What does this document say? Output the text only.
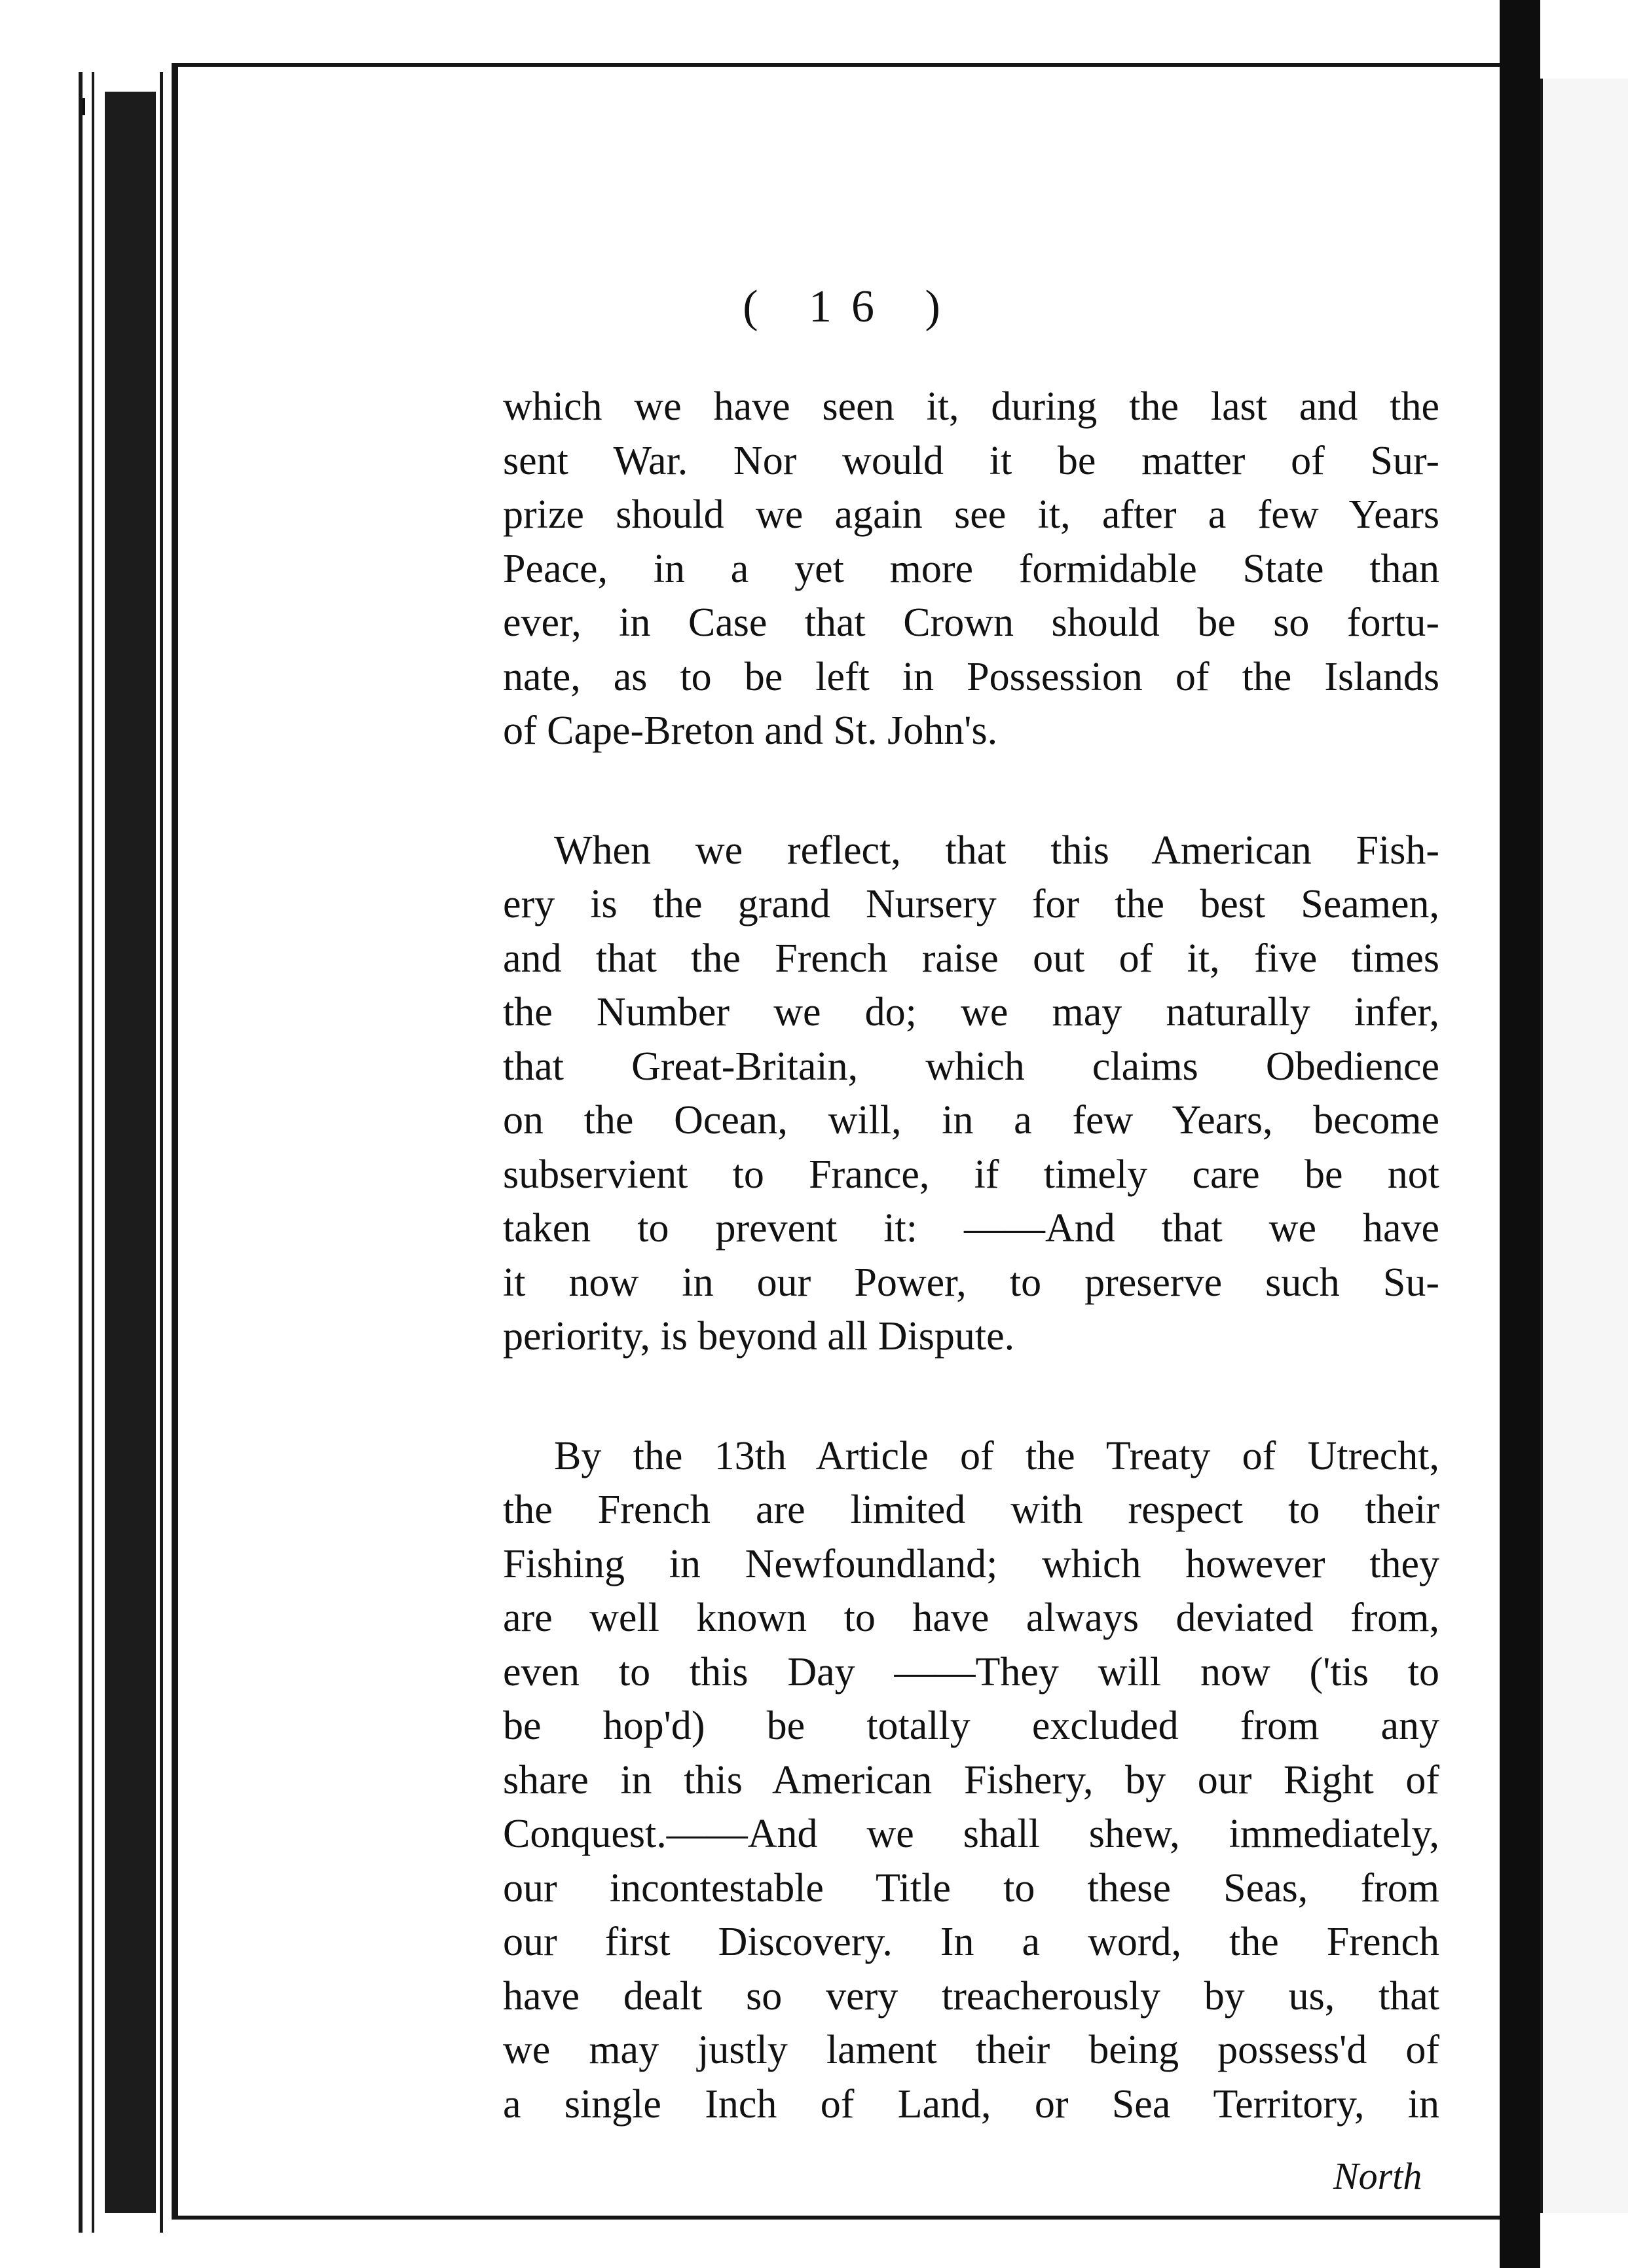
( 16 )
which we have seen it, during the last and the
sent War. Nor would it be matter of Sur-
prize should we again see it, after a few Years
Peace, in a yet more formidable State than
ever, in Case that Crown should be so fortu-
nate, as to be left in Possession of the Islands
of Cape-Breton and St. John's.
When we reflect, that this American Fish-
ery is the grand Nursery for the best Seamen,
and that the French raise out of it, five times
the Number we do; we may naturally infer,
that Great-Britain, which claims Obedience
on the Ocean, will, in a few Years, become
subservient to France, if timely care be not
taken to prevent it: ——And that we have
it now in our Power, to preserve such Su-
periority, is beyond all Dispute.
By the 13th Article of the Treaty of Utrecht,
the French are limited with respect to their
Fishing in Newfoundland; which however they
are well known to have always deviated from,
even to this Day ——They will now ('tis to
be hop'd) be totally excluded from any
share in this American Fishery, by our Right of
Conquest.——And we shall shew, immediately,
our incontestable Title to these Seas, from
our first Discovery. In a word, the French
have dealt so very treacherously by us, that
we may justly lament their being possess'd of
a single Inch of Land, or Sea Territory, in
North
